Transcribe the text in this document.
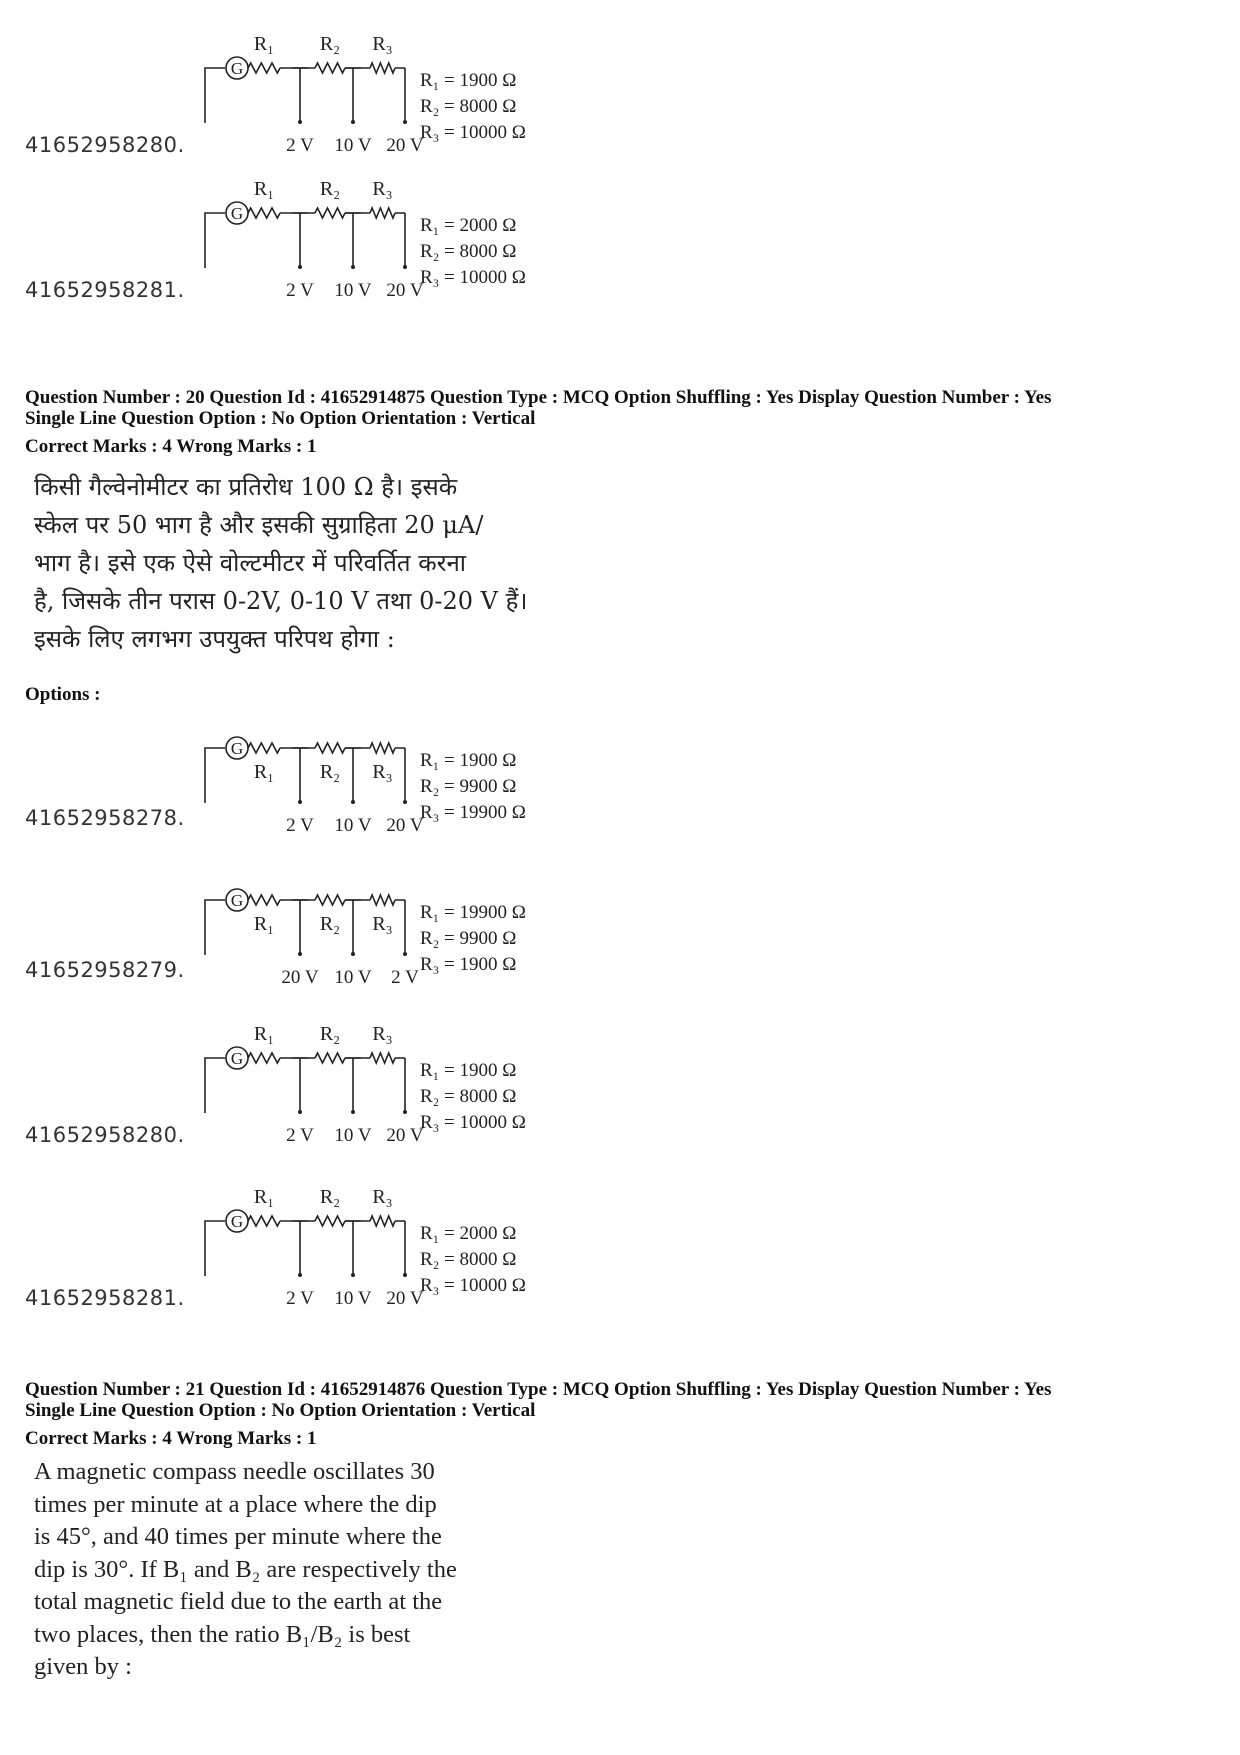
41652958280.
G
R₁ R₂ R₃
2 V 10 V 20 V
R₁ = 1900 Ω
R₂ = 8000 Ω
R₃ = 10000 Ω
41652958281.
G
R₁ R₂ R₃
2 V 10 V 20 V
R₁ = 2000 Ω
R₂ = 8000 Ω
R₃ = 10000 Ω
Question Number : 20 Question Id : 41652914875 Question Type : MCQ Option Shuffling : Yes Display Question Number : Yes
Single Line Question Option : No Option Orientation : Vertical
Correct Marks : 4 Wrong Marks : 1
किसी गैल्वेनोमीटर का प्रतिरोध 100 Ω है। इसके
स्केल पर 50 भाग है और इसकी सुग्राहिता 20 μA/
भाग है। इसे एक ऐसे वोल्टमीटर में परिवर्तित करना
है, जिसके तीन परास 0-2V, 0-10 V तथा 0-20 V हैं।
इसके लिए लगभग उपयुक्त परिपथ होगा :
Options :
41652958278.
G
R₁ R₂ R₃
2 V 10 V 20 V
R₁ = 1900 Ω
R₂ = 9900 Ω
R₃ = 19900 Ω
41652958279.
G
R₁ R₂ R₃
20 V 10 V 2 V
R₁ = 19900 Ω
R₂ = 9900 Ω
R₃ = 1900 Ω
41652958280.
G
R₁ R₂ R₃
2 V 10 V 20 V
R₁ = 1900 Ω
R₂ = 8000 Ω
R₃ = 10000 Ω
41652958281.
G
R₁ R₂ R₃
2 V 10 V 20 V
R₁ = 2000 Ω
R₂ = 8000 Ω
R₃ = 10000 Ω
Question Number : 21 Question Id : 41652914876 Question Type : MCQ Option Shuffling : Yes Display Question Number : Yes
Single Line Question Option : No Option Orientation : Vertical
Correct Marks : 4 Wrong Marks : 1
A magnetic compass needle oscillates 30
times per minute at a place where the dip
is 45°, and 40 times per minute where the
dip is 30°. If B₁ and B₂ are respectively the
total magnetic field due to the earth at the
two places, then the ratio B₁/B₂ is best
given by :
